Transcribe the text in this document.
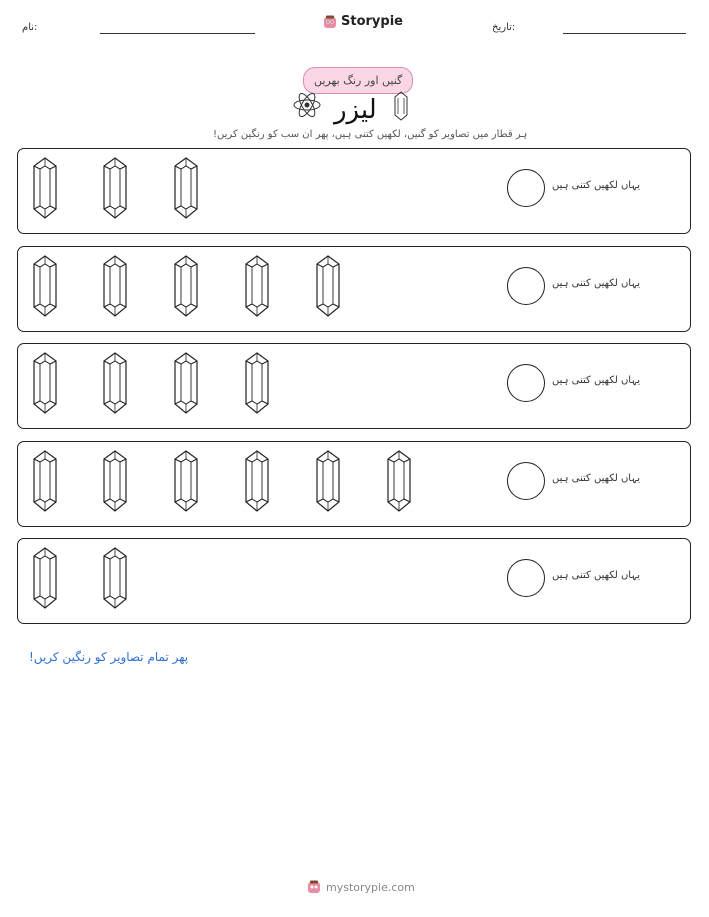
نام:	Storypie	تاریخ:
گنیں اور رنگ بھریں
لیزر
ہر قطار میں تصاویر کو گنیں، لکھیں کتنی ہیں، پھر ان سب کو رنگین کریں!
یہاں لکھیں کتنی ہیں
یہاں لکھیں کتنی ہیں
یہاں لکھیں کتنی ہیں
یہاں لکھیں کتنی ہیں
یہاں لکھیں کتنی ہیں
پھر تمام تصاویر کو رنگین کریں!
mystorypie.com
